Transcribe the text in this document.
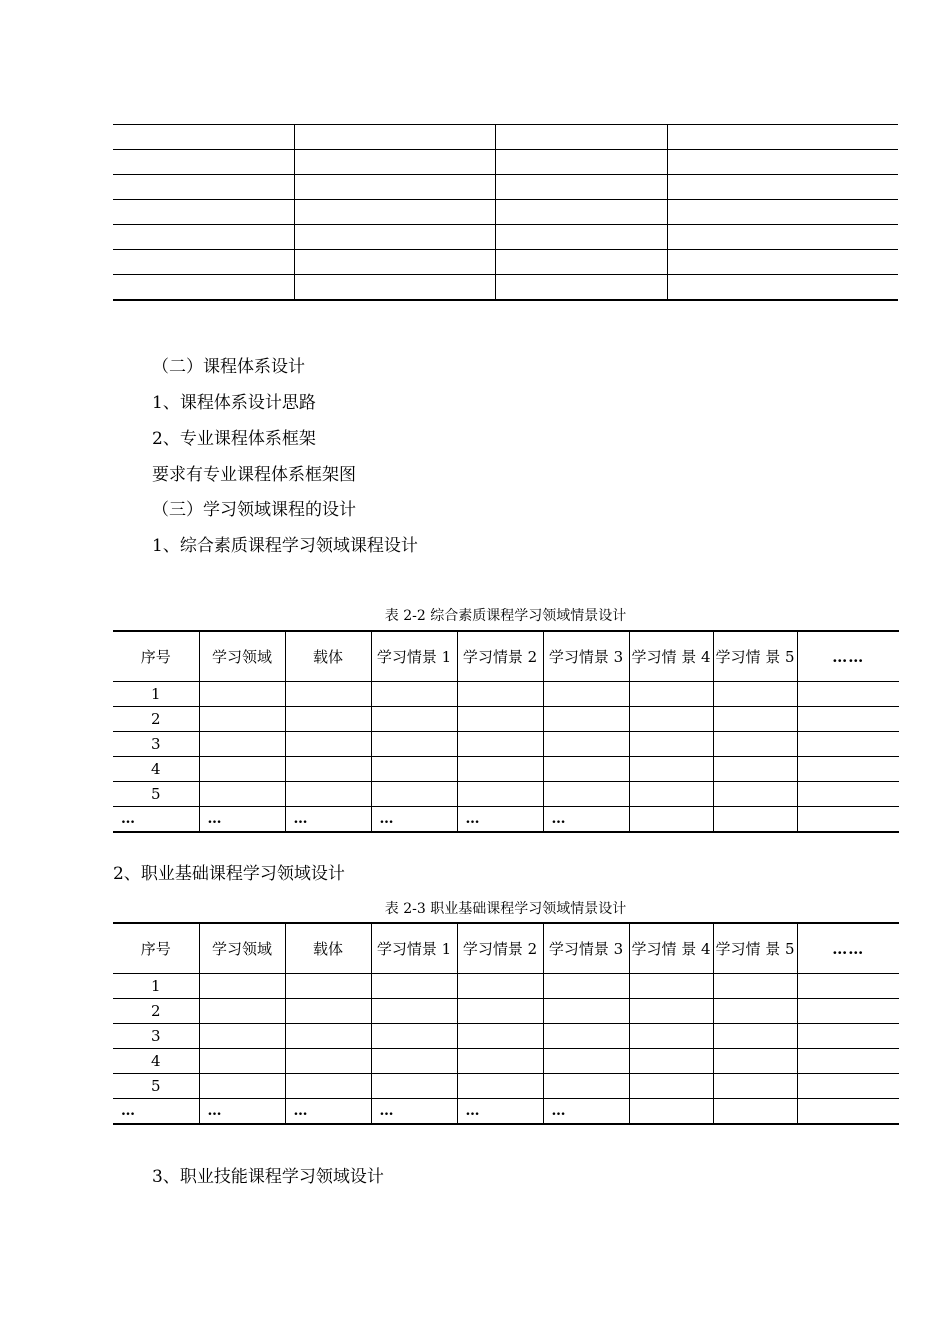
（二）课程体系设计
1、课程体系设计思路
2、专业课程体系框架
要求有专业课程体系框架图
（三）学习领域课程的设计
1、综合素质课程学习领域课程设计
表 2-2 综合素质课程学习领域情景设计
序号	学习领域	载体	学习情景 1	学习情景 2	学习情景 3	学习情 景 4	学习情 景 5	……
1								
2								
3								
4								
5								
…	…	…	…	…	…			
2、职业基础课程学习领域设计
表 2-3 职业基础课程学习领域情景设计
序号	学习领域	载体	学习情景 1	学习情景 2	学习情景 3	学习情 景 4	学习情 景 5	……
1								
2								
3								
4								
5								
…	…	…	…	…	…			
3、职业技能课程学习领域设计
